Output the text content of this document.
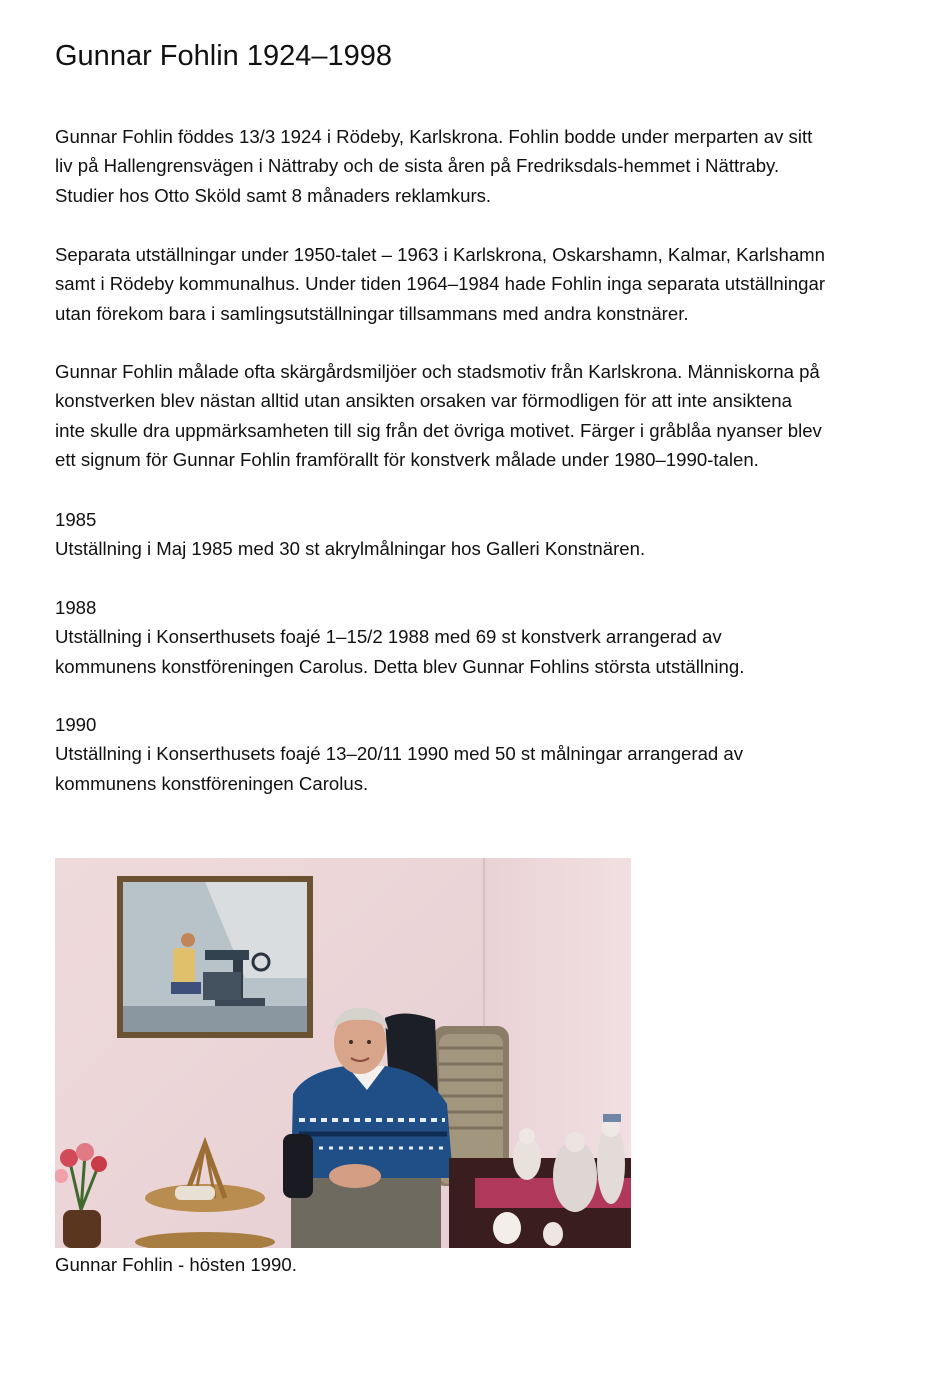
Gunnar Fohlin 1924–1998

Gunnar Fohlin föddes 13/3 1924 i Rödeby, Karlskrona. Fohlin bodde under merparten av sitt
liv på Hallengrensvägen i Nättraby och de sista åren på Fredriksdals-hemmet i Nättraby.
Studier hos Otto Sköld samt 8 månaders reklamkurs.

Separata utställningar under 1950-talet – 1963 i Karlskrona, Oskarshamn, Kalmar, Karlshamn
samt i Rödeby kommunalhus. Under tiden 1964–1984 hade Fohlin inga separata utställningar
utan förekom bara i samlingsutställningar tillsammans med andra konstnärer.

Gunnar Fohlin målade ofta skärgårdsmiljöer och stadsmotiv från Karlskrona. Människorna på
konstverken blev nästan alltid utan ansikten orsaken var förmodligen för att inte ansiktena
inte skulle dra uppmärksamheten till sig från det övriga motivet. Färger i gråblåa nyanser blev
ett signum för Gunnar Fohlin framförallt för konstverk målade under 1980–1990-talen.

1985
Utställning i Maj 1985 med 30 st akrylmålningar hos Galleri Konstnären.

1988
Utställning i Konserthusets foajé 1–15/2 1988 med 69 st konstverk arrangerad av
kommunens konstföreningen Carolus. Detta blev Gunnar Fohlins största utställning.

1990
Utställning i Konserthusets foajé 13–20/11 1990 med 50 st målningar arrangerad av
kommunens konstföreningen Carolus.

Gunnar Fohlin - hösten 1990.
